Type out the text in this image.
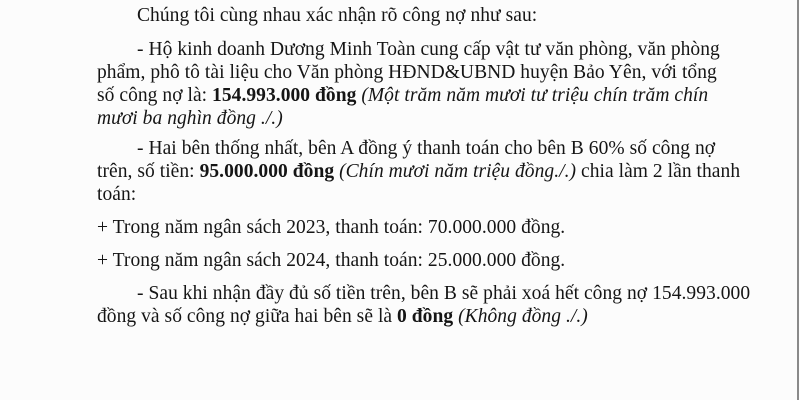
Chúng tôi cùng nhau xác nhận rõ công nợ như sau:
- Hộ kinh doanh Dương Minh Toàn cung cấp vật tư văn phòng, văn phòng
phẩm, phô tô tài liệu cho Văn phòng HĐND&UBND huyện Bảo Yên, với tổng
số công nợ là: 154.993.000 đồng (Một trăm năm mươi tư triệu chín trăm chín
mươi ba nghìn đồng ./.)
- Hai bên thống nhất, bên A đồng ý thanh toán cho bên B 60% số công nợ
trên, số tiền: 95.000.000 đồng (Chín mươi năm triệu đồng./.) chia làm 2 lần thanh
toán:
+ Trong năm ngân sách 2023, thanh toán: 70.000.000 đồng.
+ Trong năm ngân sách 2024, thanh toán: 25.000.000 đồng.
- Sau khi nhận đầy đủ số tiền trên, bên B sẽ phải xoá hết công nợ 154.993.000
đồng và số công nợ giữa hai bên sẽ là 0 đồng (Không đồng ./.)
